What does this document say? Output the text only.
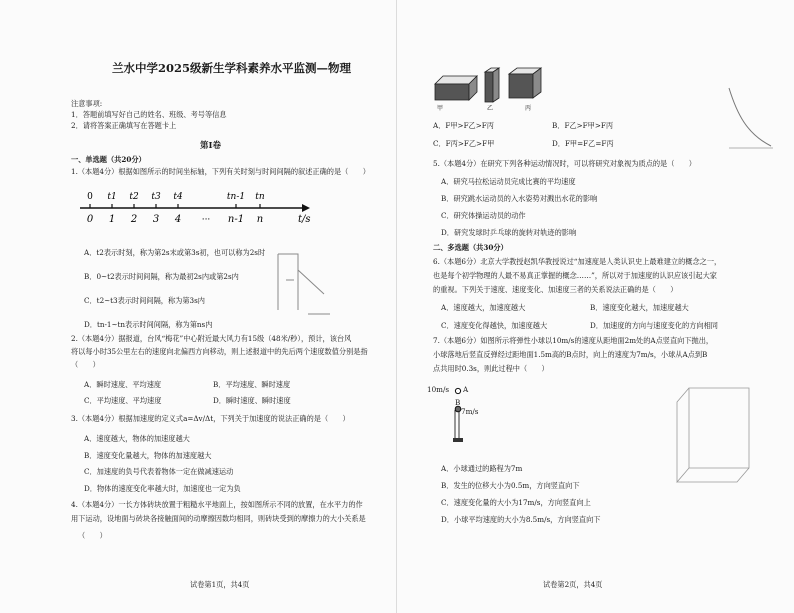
兰水中学2025级新生学科素养水平监测—物理
注意事项:
1．答题前填写好自己的姓名、班级、考号等信息
2．请将答案正确填写在答题卡上
第I卷
一、单选题（共20分）
1.（本题4分）根据如图所示的时间坐标轴，下列有关时刻与时间间隔的叙述正确的是（　　）
0
0
t1
1
t2
2
t3
3
t4
4
tn-1
n-1
tn
n
···	t/s
A．t2表示时刻，称为第2s末或第3s初，也可以称为2s时
B．0~t2表示时间间隔，称为最初2s内或第2s内
C．t2~t3表示时间间隔，称为第3s内
D．tn-1~tn表示时间间隔，称为第ns内
2.（本题4分）据报道，台风“梅花”中心附近最大风力有15级（48米/秒），预计，该台风
将以每小时35公里左右的速度向北偏西方向移动，则上述报道中的先后两个速度数值分别是指
（　　）
A．瞬时速度、平均速度	B．平均速度、瞬时速度
C．平均速度、平均速度	D．瞬时速度、瞬时速度
3.（本题4分）根据加速度的定义式a=Δv/Δt，下列关于加速度的说法正确的是（　　）
A．速度越大，物体的加速度越大
B．速度变化量越大，物体的加速度越大
C．加速度的负号代表着物体一定在做减速运动
D．物体的速度变化率越大时，加速度也一定为负
4.（本题4分）一长方体砖块放置于粗糙水平地面上，按如图所示不同的放置，在水平力的作
用下运动，设地面与砖块各接触面间的动摩擦因数均相同，则砖块受到的摩擦力的大小关系是
（　　）
试卷第1页，共4页
甲	乙	丙
A．F甲>F乙>F丙	B．F乙>F甲>F丙
C．F丙>F乙>F甲	D．F甲=F乙=F丙
5.（本题4分）在研究下列各种运动情况时，可以将研究对象视为质点的是（　　）
A．研究马拉松运动员完成比赛的平均速度
B．研究跳水运动员的入水姿势对溅出水花的影响
C．研究体操运动员的动作
D．研究发球时乒乓球的旋转对轨迹的影响
二、多选题（共30分）
6.（本题6分）北京大学教授赵凯华教授说过“加速度是人类认识史上最难建立的概念之一，
也是每个初学物理的人最不易真正掌握的概念……”，所以对于加速度的认识应该引起大家
的重视。下列关于速度、速度变化、加速度三者的关系说法正确的是（　　）
A．速度越大，加速度越大	B．速度变化越大，加速度越大
C．速度变化得越快，加速度越大	D．加速度的方向与速度变化的方向相同
7.（本题6分）如图所示将弹性小球以10m/s的速度从距地面2m处的A点竖直向下抛出，
小球落地后竖直反弹经过距地面1.5m高的B点时，向上的速度为7m/s，小球从A点到B
点共用时0.3s，则此过程中（　　）
10m/s A
B
7m/s
A．小球通过的路程为7m
B．发生的位移大小为0.5m，方向竖直向下
C．速度变化量的大小为17m/s，方向竖直向上
D．小球平均速度的大小为8.5m/s，方向竖直向下
试卷第2页，共4页
